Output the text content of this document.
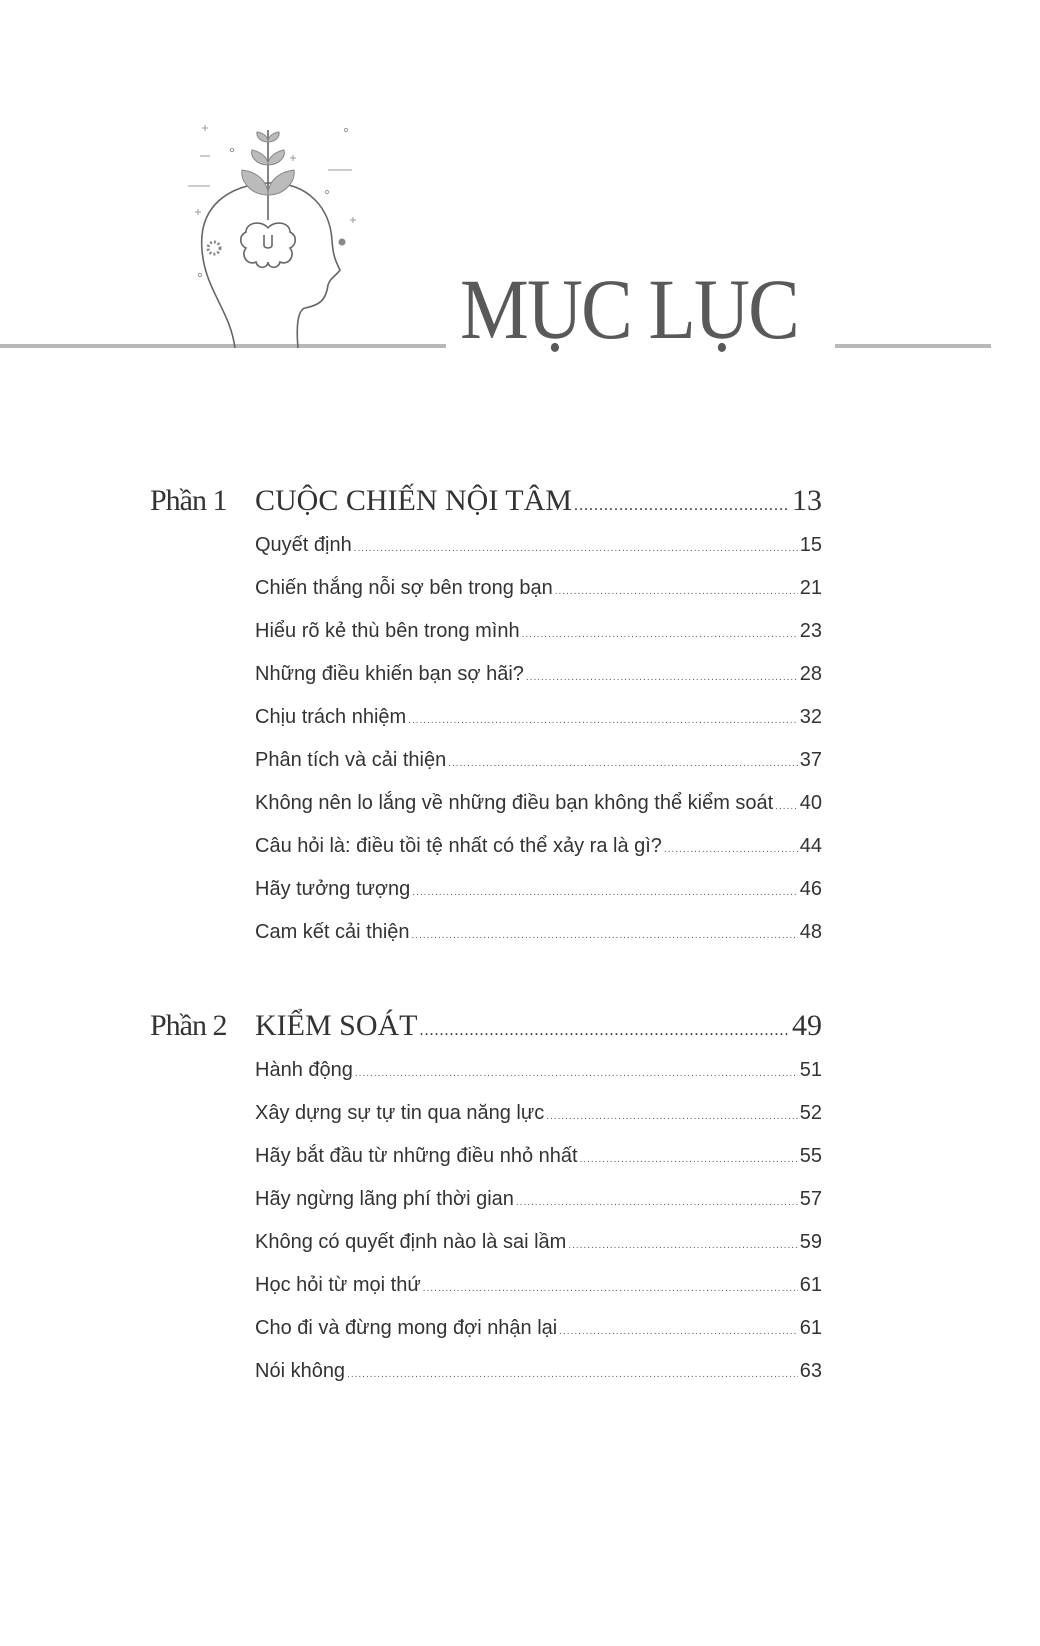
MỤC LỤC
Phần 1 CUỘC CHIẾN NỘI TÂM .....	13
Quyết định .....	15
Chiến thắng nỗi sợ bên trong bạn .....	21
Hiểu rõ kẻ thù bên trong mình .....	23
Những điều khiến bạn sợ hãi? .....	28
Chịu trách nhiệm .....	32
Phân tích và cải thiện .....	37
Không nên lo lắng về những điều bạn không thể kiểm soát ..... 40
Câu hỏi là: điều tồi tệ nhất có thể xảy ra là gì? .....	44
Hãy tưởng tượng .....	46
Cam kết cải thiện .....	48
Phần 2 KIỂM SOÁT .....	49
Hành động .....	51
Xây dựng sự tự tin qua năng lực .....	52
Hãy bắt đầu từ những điều nhỏ nhất .....	55
Hãy ngừng lãng phí thời gian .....	57
Không có quyết định nào là sai lầm .....	59
Học hỏi từ mọi thứ .....	61
Cho đi và đừng mong đợi nhận lại .....	61
Nói không .....	63
